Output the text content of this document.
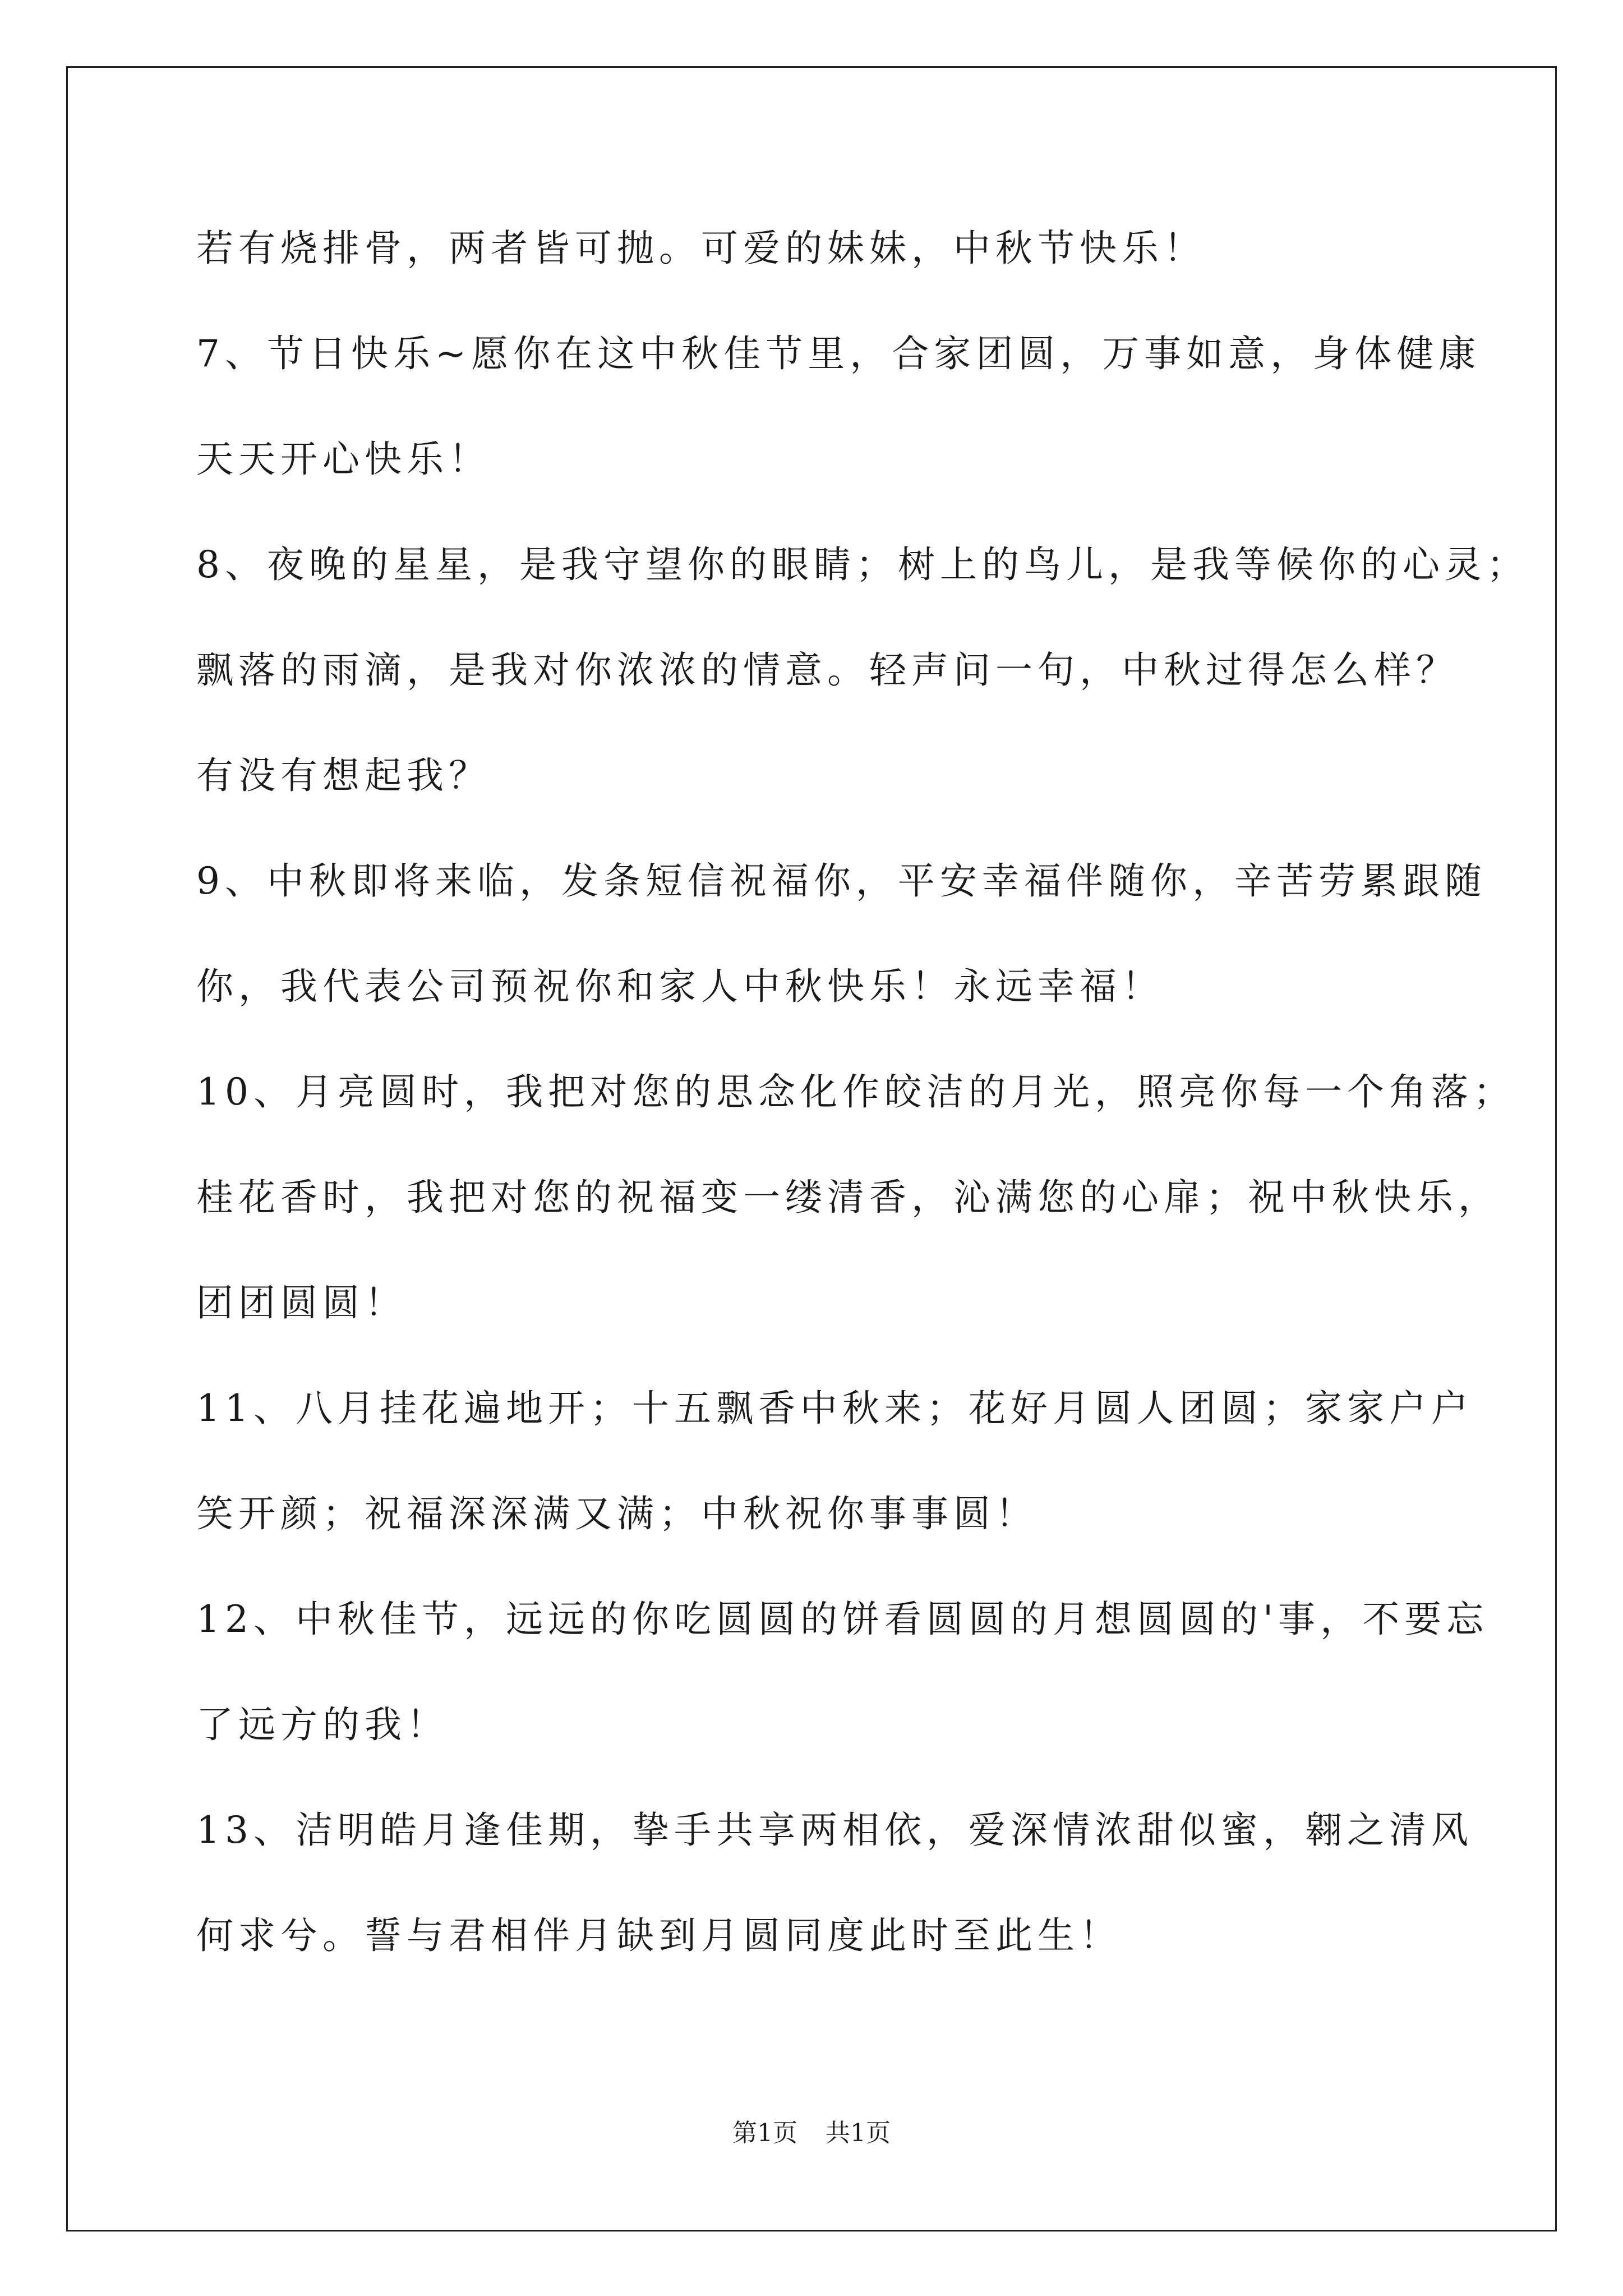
若有烧排骨，两者皆可抛。可爱的妹妹，中秋节快乐！
7、节日快乐~愿你在这中秋佳节里，合家团圆，万事如意，身体健康
天天开心快乐！
8、夜晚的星星，是我守望你的眼睛；树上的鸟儿，是我等候你的心灵；
飘落的雨滴，是我对你浓浓的情意。轻声问一句，中秋过得怎么样？
有没有想起我？
9、中秋即将来临，发条短信祝福你，平安幸福伴随你，辛苦劳累跟随
你，我代表公司预祝你和家人中秋快乐！永远幸福！
10、月亮圆时，我把对您的思念化作皎洁的月光，照亮你每一个角落；
桂花香时，我把对您的祝福变一缕清香，沁满您的心扉；祝中秋快乐，
团团圆圆！
11、八月挂花遍地开；十五飘香中秋来；花好月圆人团圆；家家户户
笑开颜；祝福深深满又满；中秋祝你事事圆！
12、中秋佳节，远远的你吃圆圆的饼看圆圆的月想圆圆的'事，不要忘
了远方的我！
13、洁明皓月逢佳期，挚手共享两相依，爱深情浓甜似蜜，翱之清风
何求兮。誓与君相伴月缺到月圆同度此时至此生！
第1页 共1页
